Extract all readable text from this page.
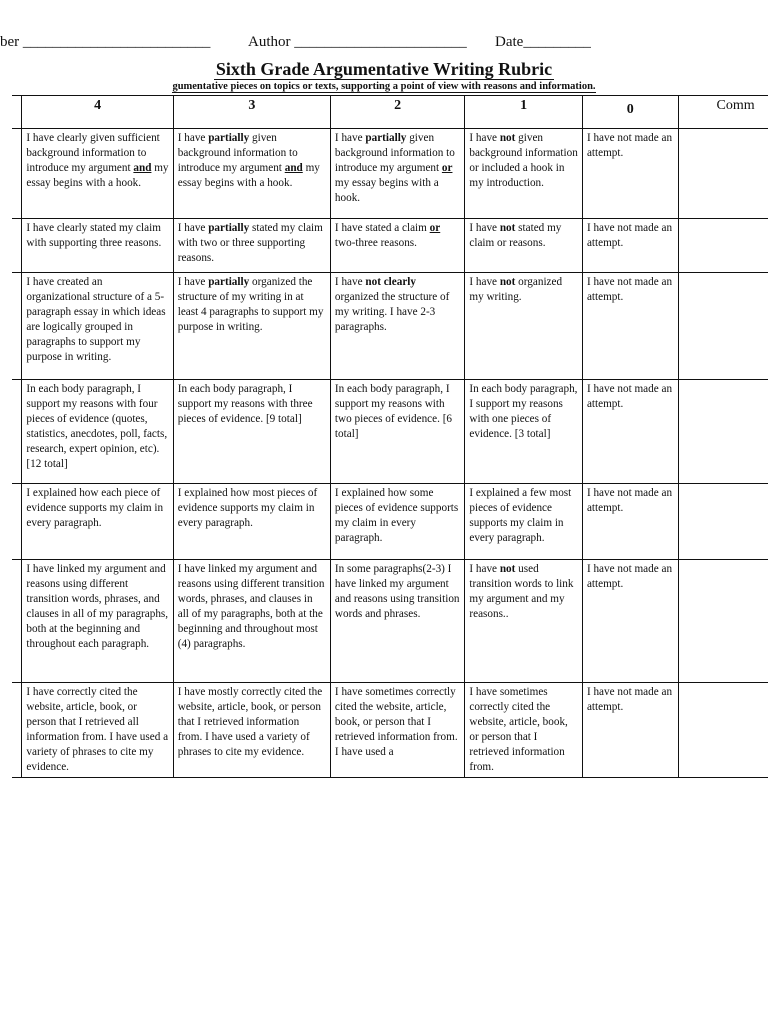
ber _________________________	Author _______________________ Date_________
Sixth Grade Argumentative Writing Rubric
gumentative pieces on topics or texts, supporting a point of view with reasons and information.
	4	3	2	1	0	Comm
	I have clearly given sufficient background information to introduce my argument and my essay begins with a hook.	I have partially given background information to introduce my argument and my essay begins with a hook.	I have partially given background information to introduce my argument or my essay begins with a hook.	I have not given background information or included a hook in my introduction.	I have not made an attempt.	
	I have clearly stated my claim with supporting three reasons.	I have partially stated my claim with two or three supporting reasons.	I have stated a claim or two-three reasons.	I have not stated my claim or reasons.	I have not made an attempt.	
	I have created an organizational structure of a 5-paragraph essay in which ideas are logically grouped in paragraphs to support my purpose in writing.	I have partially organized the structure of my writing in at least 4 paragraphs to support my purpose in writing.	I have not clearly organized the structure of my writing. I have 2-3 paragraphs.	I have not organized my writing.	I have not made an attempt.	
	In each body paragraph, I support my reasons with four pieces of evidence (quotes, statistics, anecdotes, poll, facts, research, expert opinion, etc). [12 total]	In each body paragraph, I support my reasons with three pieces of evidence. [9 total]	In each body paragraph, I support my reasons with two pieces of evidence. [6 total]	In each body paragraph, I support my reasons with one pieces of evidence. [3 total]	I have not made an attempt.	
	I explained how each piece of evidence supports my claim in every paragraph.	I explained how most pieces of evidence supports my claim in every paragraph.	I explained how some pieces of evidence supports my claim in every paragraph.	I explained a few most pieces of evidence supports my claim in every paragraph.	I have not made an attempt.	
	I have linked my argument and reasons using different transition words, phrases, and clauses in all of my paragraphs, both at the beginning and throughout each paragraph.	I have linked my argument and reasons using different transition words, phrases, and clauses in all of my paragraphs, both at the beginning and throughout most (4) paragraphs.	In some paragraphs(2-3) I have linked my argument and reasons using transition words and phrases.	I have not used transition words to link my argument and my reasons..	I have not made an attempt.	
	I have correctly cited the website, article, book, or person that I retrieved all information from. I have used a variety of phrases to cite my evidence.	I have mostly correctly cited the website, article, book, or person that I retrieved information from. I have used a variety of phrases to cite my evidence.	I have sometimes correctly cited the website, article, book, or person that I retrieved information from. I have used a	I have sometimes correctly cited the website, article, book, or person that I retrieved information from.	I have not made an attempt.	
